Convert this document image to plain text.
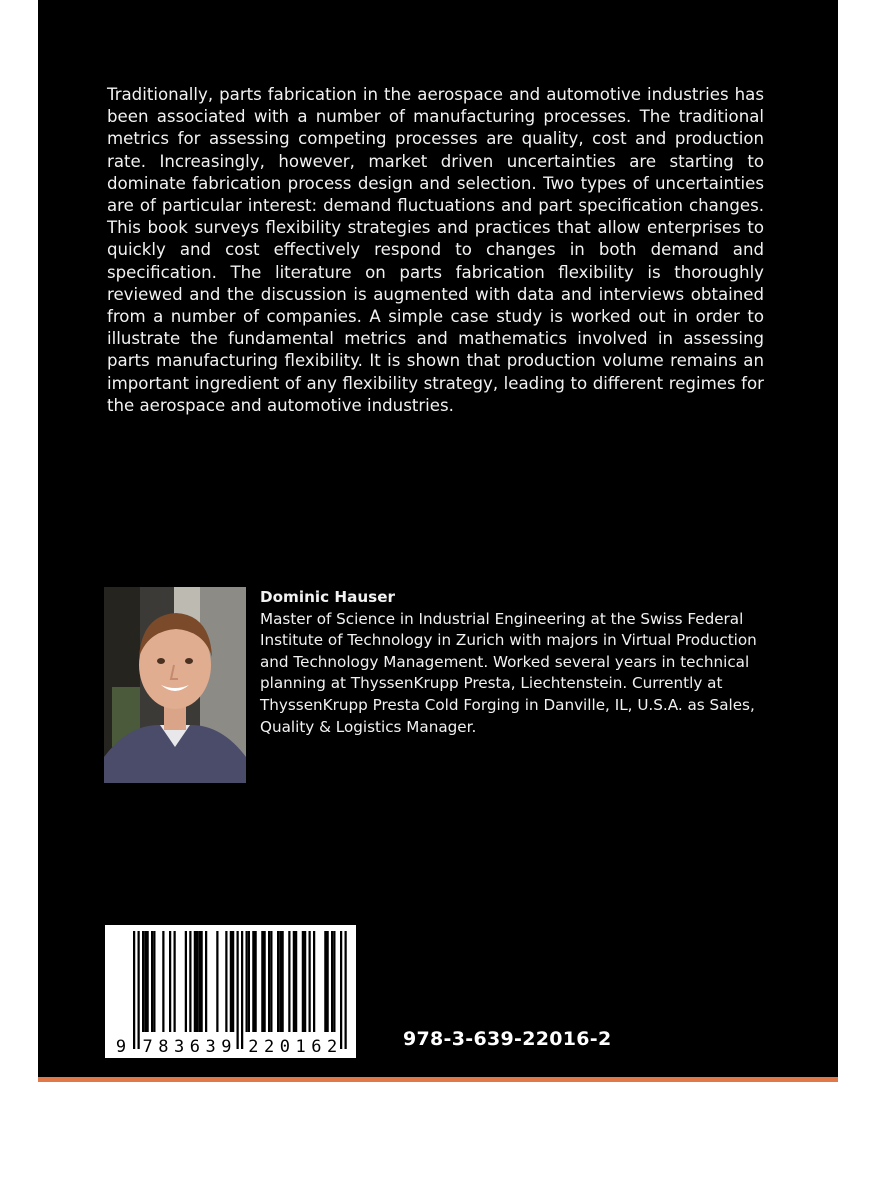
Traditionally, parts fabrication in the aerospace and automotive industries has been associated with a number of manufacturing processes. The traditional metrics for assessing competing processes are quality, cost and production rate. Increasingly, however, market driven uncertainties are starting to dominate fabrication process design and selection. Two types of uncertainties are of particular interest: demand fluctuations and part specification changes. This book surveys flexibility strategies and practices that allow enterprises to quickly and cost effectively respond to changes in both demand and specification. The literature on parts fabrication flexibility is thoroughly reviewed and the discussion is augmented with data and interviews obtained from a number of companies. A simple case study is worked out in order to illustrate the fundamental metrics and mathematics involved in assessing parts manufacturing flexibility. It is shown that production volume remains an important ingredient of any flexibility strategy, leading to different regimes for the aerospace and automotive industries.

Dominic Hauser

Master of Science in Industrial Engineering at the Swiss Federal Institute of Technology in Zurich with majors in Virtual Production and Technology Management. Worked several years in technical planning at ThyssenKrupp Presta, Liechtenstein. Currently at ThyssenKrupp Presta Cold Forging in Danville, IL, U.S.A. as Sales, Quality & Logistics Manager.

9 7 8 3 6 3 9 2 2 0 1 6 2	978-3-639-22016-2
